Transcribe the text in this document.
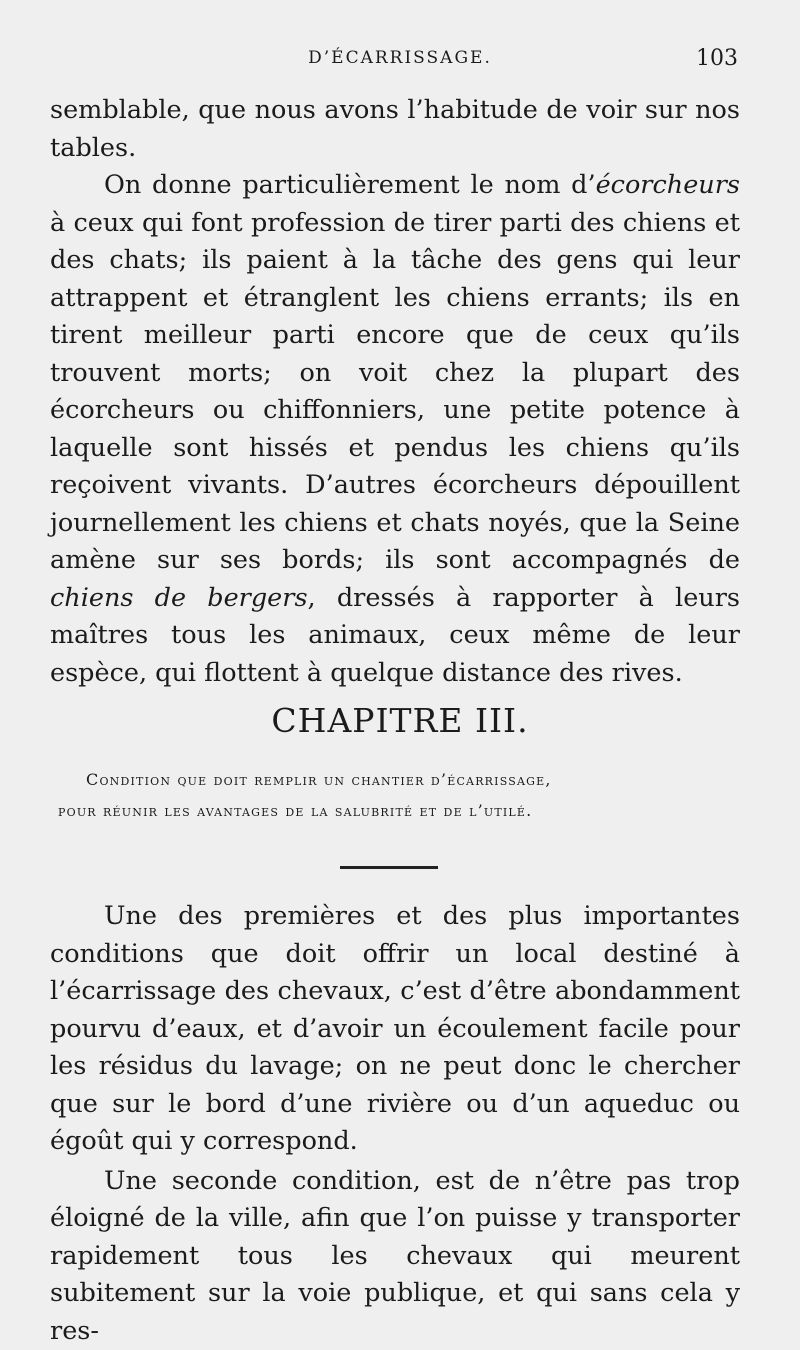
D’ÉCARRISSAGE.	103

semblable, que nous avons l’habitude de voir sur nos tables.

On donne particulièrement le nom d’écorcheurs à ceux qui font profession de tirer parti des chiens et des chats; ils paient à la tâche des gens qui leur attrappent et étranglent les chiens errants; ils en tirent meilleur parti encore que de ceux qu’ils trouvent morts; on voit chez la plupart des écorcheurs ou chiffonniers, une petite potence à laquelle sont hissés et pendus les chiens qu’ils reçoivent vivants. D’autres écorcheurs dépouillent journellement les chiens et chats noyés, que la Seine amène sur ses bords; ils sont accompagnés de chiens de bergers, dressés à rapporter à leurs maîtres tous les animaux, ceux même de leur espèce, qui flottent à quelque distance des rives.

CHAPITRE III.
Condition que doit remplir un chantier d’écarrissage,
pour réunir les avantages de la salubrité et de l’utilé.

Une des premières et des plus importantes conditions que doit offrir un local destiné à l’écarrissage des chevaux, c’est d’être abondamment pourvu d’eaux, et d’avoir un écoulement facile pour les résidus du lavage; on ne peut donc le chercher que sur le bord d’une rivière ou d’un aqueduc ou égoût qui y correspond.

Une seconde condition, est de n’être pas trop éloigné de la ville, afin que l’on puisse y transporter rapidement tous les chevaux qui meurent subitement sur la voie publique, et qui sans cela y res-
